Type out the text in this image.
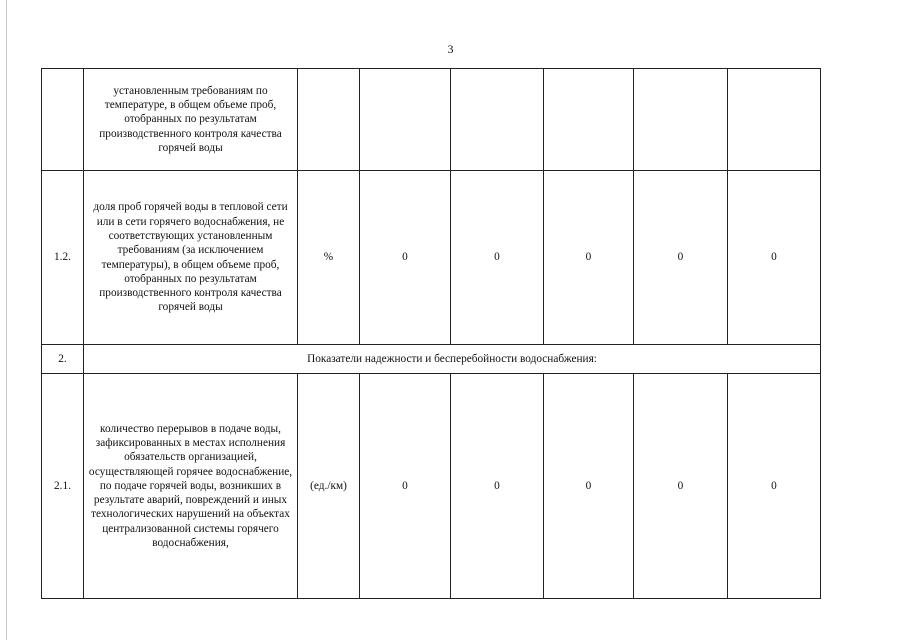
3

	установленным требованиям по температуре, в общем объеме проб, отобранных по результатам производственного контроля качества горячей воды						

1.2.	доля проб горячей воды в тепловой сети или в сети горячего водоснабжения, не соответствующих установленным требованиям (за исключением температуры), в общем объеме проб, отобранных по результатам производственного контроля качества горячей воды	%	0	0	0	0	0
2.	Показатели надежности и бесперебойности водоснабжения:						
2.1.	количество перерывов в подаче воды, зафиксированных в местах исполнения обязательств организацией, осуществляющей горячее водоснабжение, по подаче горячей воды, возникших в результате аварий, повреждений и иных технологических нарушений на объектах централизованной системы горячего водоснабжения,	(ед./км)	0	0	0	0	0
